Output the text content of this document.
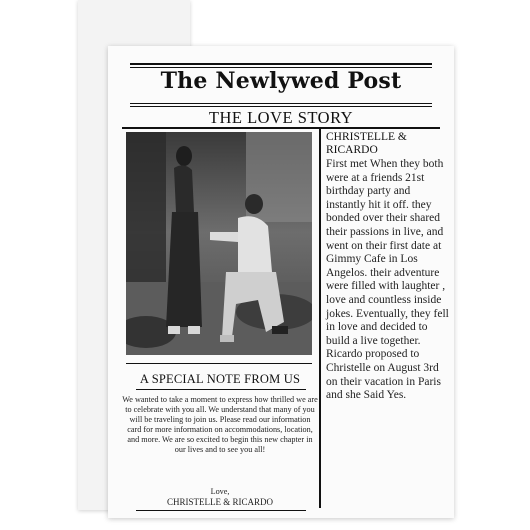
The Newlywed Post
THE LOVE STORY
A SPECIAL NOTE FROM US
We wanted to take a moment to express how thrilled we are to celebrate with you all. We understand that many of you will be traveling to join us. Please read our information card for more information on accommodations, location, and more. We are so excited to begin this new chapter in our lives and to see you all!
Love,
CHRISTELLE & RICARDO
CHRISTELLE & RICARDO
First met When they both were at a friends 21st birthday party and instantly hit it off. they bonded over their shared their passions in live, and went on their first date at Gimmy Cafe in Los Angelos. their adventure were filled with laughter , love and countless inside jokes. Eventually, they fell in love and decided to build a live together. Ricardo proposed to Christelle on August 3rd on their vacation in Paris and she Said Yes.
